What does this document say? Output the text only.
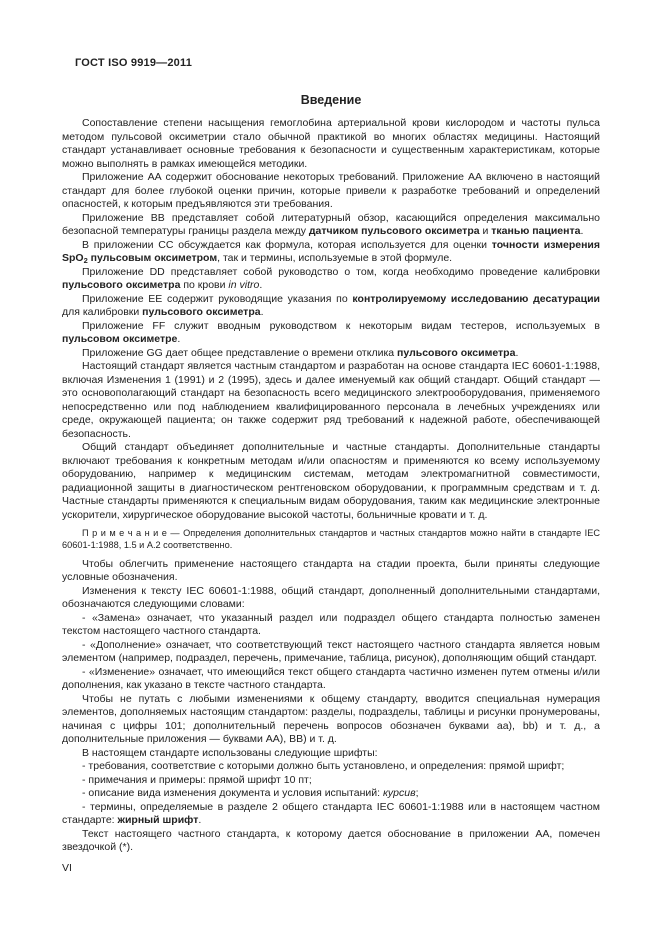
ГОСТ ISO 9919—2011
Введение

Сопоставление степени насыщения гемоглобина артериальной крови кислородом и частоты пульса методом пульсовой оксиметрии стало обычной практикой во многих областях медицины. Настоящий стандарт устанавливает основные требования к безопасности и существенным характеристикам, которые можно выполнять в рамках имеющейся методики.

Приложение АА содержит обоснование некоторых требований. Приложение АА включено в настоящий стандарт для более глубокой оценки причин, которые привели к разработке требований и определений опасностей, к которым предъявляются эти требования.

Приложение ВВ представляет собой литературный обзор, касающийся определения максимально безопасной температуры границы раздела между датчиком пульсового оксиметра и тканью пациента.

В приложении СС обсуждается как формула, которая используется для оценки точности измерения SpO$_2$ пульсовым оксиметром, так и термины, используемые в этой формуле.

Приложение DD представляет собой руководство о том, когда необходимо проведение калибровки пульсового оксиметра по крови in vitro.

Приложение ЕЕ содержит руководящие указания по контролируемому исследованию десатурации для калибровки пульсового оксиметра.

Приложение FF служит вводным руководством к некоторым видам тестеров, используемых в пульсовом оксиметре.

Приложение GG дает общее представление о времени отклика пульсового оксиметра.

Настоящий стандарт является частным стандартом и разработан на основе стандарта IEC 60601-1:1988, включая Изменения 1 (1991) и 2 (1995), здесь и далее именуемый как общий стандарт. Общий стандарт — это основополагающий стандарт на безопасность всего медицинского электрооборудования, применяемого непосредственно или под наблюдением квалифицированного персонала в лечебных учреждениях или среде, окружающей пациента; он также содержит ряд требований к надежной работе, обеспечивающей безопасность.

Общий стандарт объединяет дополнительные и частные стандарты. Дополнительные стандарты включают требования к конкретным методам и/или опасностям и применяются ко всему используемому оборудованию, например к медицинским системам, методам электромагнитной совместимости, радиационной защиты в диагностическом рентгеновском оборудовании, к программным средствам и т. д. Частные стандарты применяются к специальным видам оборудования, таким как медицинские электронные ускорители, хирургическое оборудование высокой частоты, больничные кровати и т. д.

П р и м е ч а н и е — Определения дополнительных стандартов и частных стандартов можно найти в стандарте IEC 60601-1:1988, 1.5 и А.2 соответственно.

Чтобы облегчить применение настоящего стандарта на стадии проекта, были приняты следующие условные обозначения.

Изменения к тексту IEC 60601-1:1988, общий стандарт, дополненный дополнительными стандартами, обозначаются следующими словами:

- «Замена» означает, что указанный раздел или подраздел общего стандарта полностью заменен текстом настоящего частного стандарта.

- «Дополнение» означает, что соответствующий текст настоящего частного стандарта является новым элементом (например, подраздел, перечень, примечание, таблица, рисунок), дополняющим общий стандарт.

- «Изменение» означает, что имеющийся текст общего стандарта частично изменен путем отмены и/или дополнения, как указано в тексте частного стандарта.

Чтобы не путать с любыми изменениями к общему стандарту, вводится специальная нумерация элементов, дополняемых настоящим стандартом: разделы, подразделы, таблицы и рисунки пронумерованы, начиная с цифры 101; дополнительный перечень вопросов обозначен буквами аа), bb) и т. д., а дополнительные приложения — буквами АА), ВВ) и т. д.

В настоящем стандарте использованы следующие шрифты:

- требования, соответствие с которыми должно быть установлено, и определения: прямой шрифт;

- примечания и примеры: прямой шрифт 10 пт;

- описание вида изменения документа и условия испытаний: курсив;

- термины, определяемые в разделе 2 общего стандарта IEC 60601-1:1988 или в настоящем частном стандарте: жирный шрифт.

Текст настоящего частного стандарта, к которому дается обоснование в приложении АА, помечен звездочкой (*).

VI
